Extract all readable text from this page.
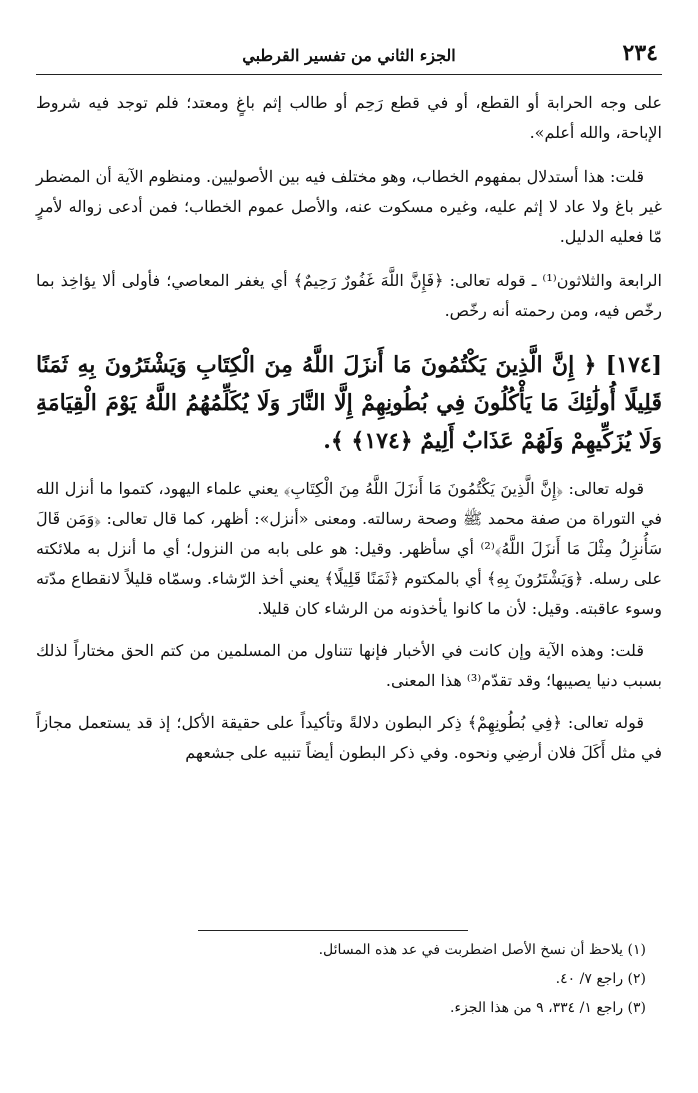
٢٣٤
الجزء الثاني من تفسير القرطبي

على وجه الحرابة أو القطع، أو في قطع رَحِم أو طالب إثم باغٍ ومعتد؛ فلم توجد فيه شروط الإباحة، والله أعلم».

قلت: هذا أستدلال بمفهوم الخطاب، وهو مختلف فيه بين الأصوليين. ومنظوم الآية أن المضطر غير باغ ولا عاد لا إثم عليه، وغيره مسكوت عنه، والأصل عموم الخطاب؛ فمن أدعى زواله لأمرٍ مّا فعليه الدليل.

الرابعة والثلاثون⁽¹⁾ ـ قوله تعالى: ﴿فَإِنَّ اللَّهَ غَفُورٌ رَحِيمٌ﴾ أي يغفر المعاصي؛ فأولى ألا يؤاخِذ بما رخّص فيه، ومن رحمته أنه رخّص.

[١٧٤] ﴿ إِنَّ الَّذِينَ يَكْتُمُونَ مَا أَنزَلَ اللَّهُ مِنَ الْكِتَابِ وَيَشْتَرُونَ بِهِ ثَمَنًا قَلِيلًا أُولَٰئِكَ مَا يَأْكُلُونَ فِي بُطُونِهِمْ إِلَّا النَّارَ وَلَا يُكَلِّمُهُمُ اللَّهُ يَوْمَ الْقِيَامَةِ وَلَا يُزَكِّيهِمْ وَلَهُمْ عَذَابٌ أَلِيمٌ ﴿١٧٤﴾ ﴾.

قوله تعالى: ﴿إِنَّ الَّذِينَ يَكْتُمُونَ مَا أَنزَلَ اللَّهُ مِنَ الْكِتَابِ﴾ يعني علماء اليهود، كتموا ما أنزل الله في التوراة من صفة محمد ﷺ وصحة رسالته. ومعنى «أنزل»: أظهر، كما قال تعالى: ﴿وَمَن قَالَ سَأُنزِلُ مِثْلَ مَا أَنزَلَ اللَّهُ﴾⁽²⁾ أي سأظهر. وقيل: هو على بابه من النزول؛ أي ما أنزل به ملائكته على رسله. ﴿وَيَشْتَرُونَ بِهِ﴾ أي بالمكتوم ﴿ثَمَنًا قَلِيلًا﴾ يعني أخذ الرّشاء. وسمّاه قليلاً لانقطاع مدّته وسوء عاقبته. وقيل: لأن ما كانوا يأخذونه من الرشاء كان قليلا.

قلت: وهذه الآية وإن كانت في الأخبار فإنها تتناول من المسلمين من كتم الحق مختاراً لذلك بسبب دنيا يصيبها؛ وقد تقدّم⁽³⁾ هذا المعنى.

قوله تعالى: ﴿فِي بُطُونِهِمْ﴾ ذِكر البطون دلالةً وتأكيداً على حقيقة الأكل؛ إذ قد يستعمل مجازاً في مثل أَكَلَ فلان أرضِي ونحوه. وفي ذكر البطون أيضاً تنبيه على جشعهم

(١) يلاحظ أن نسخ الأصل اضطربت في عد هذه المسائل.
(٢) راجع ٧/ ٤٠.
(٣) راجع ١/ ٣٣٤، ٩ من هذا الجزء.
